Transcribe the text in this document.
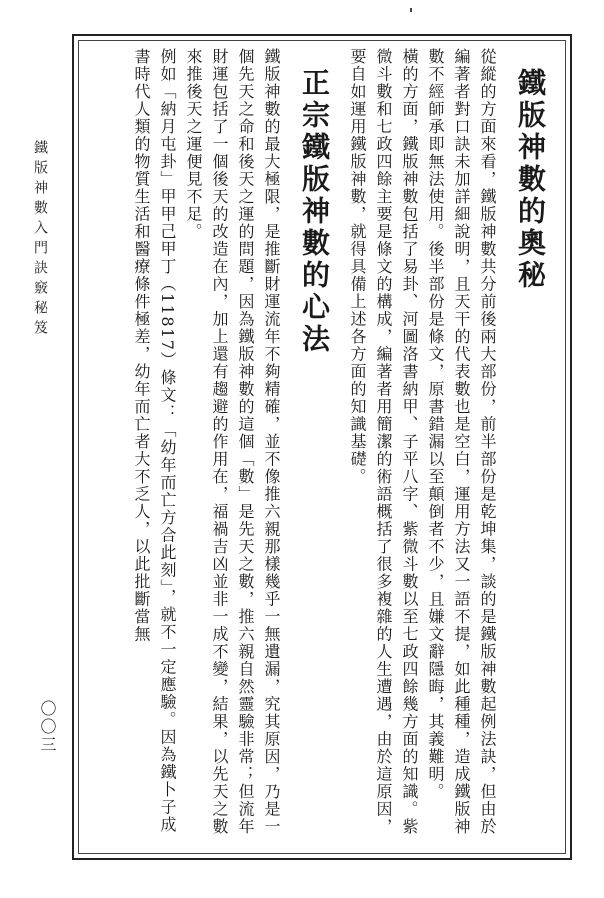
鐵版神數入門訣竅秘笈
〇〇三
鐵版神數的奧秘

從縱的方面來看，鐵版神數共分前後兩大部份，前半部份是乾坤集，談的是鐵版神數起例法訣，但由於編著者對口訣未加詳細說明，且天干的代表數也是空白，運用方法又一語不提，如此種種，造成鐵版神數不經師承即無法使用。後半部份是條文，原書錯漏以至顛倒者不少，且嫌文辭隱晦，其義難明。

橫的方面，鐵版神數包括了易卦、河圖洛書納甲、子平八字、紫微斗數以至七政四餘幾方面的知識。紫微斗數和七政四餘主要是條文的構成，編著者用簡潔的術語概括了很多複雜的人生遭遇，由於這原因，要自如運用鐵版神數，就得具備上述各方面的知識基礎。

正宗鐵版神數的心法

鐵版神數的最大極限，是推斷財運流年不夠精確，並不像推六親那樣幾乎一無遺漏，究其原因，乃是一個先天之命和後天之運的問題，因為鐵版神數的這個「數」是先天之數，推六親自然靈驗非常；但流年財運包括了一個後天的改造在內，加上還有趨避的作用在，福禍吉凶並非一成不變，結果，以先天之數來推後天之運便見不足。

例如「納月屯卦」甲甲己甲丁（11817）條文：「幼年而亡方合此刻」，就不一定應驗。因為鐵卜子成書時代人類的物質生活和醫療條件極差，幼年而亡者大不乏人，以此批斷當無
